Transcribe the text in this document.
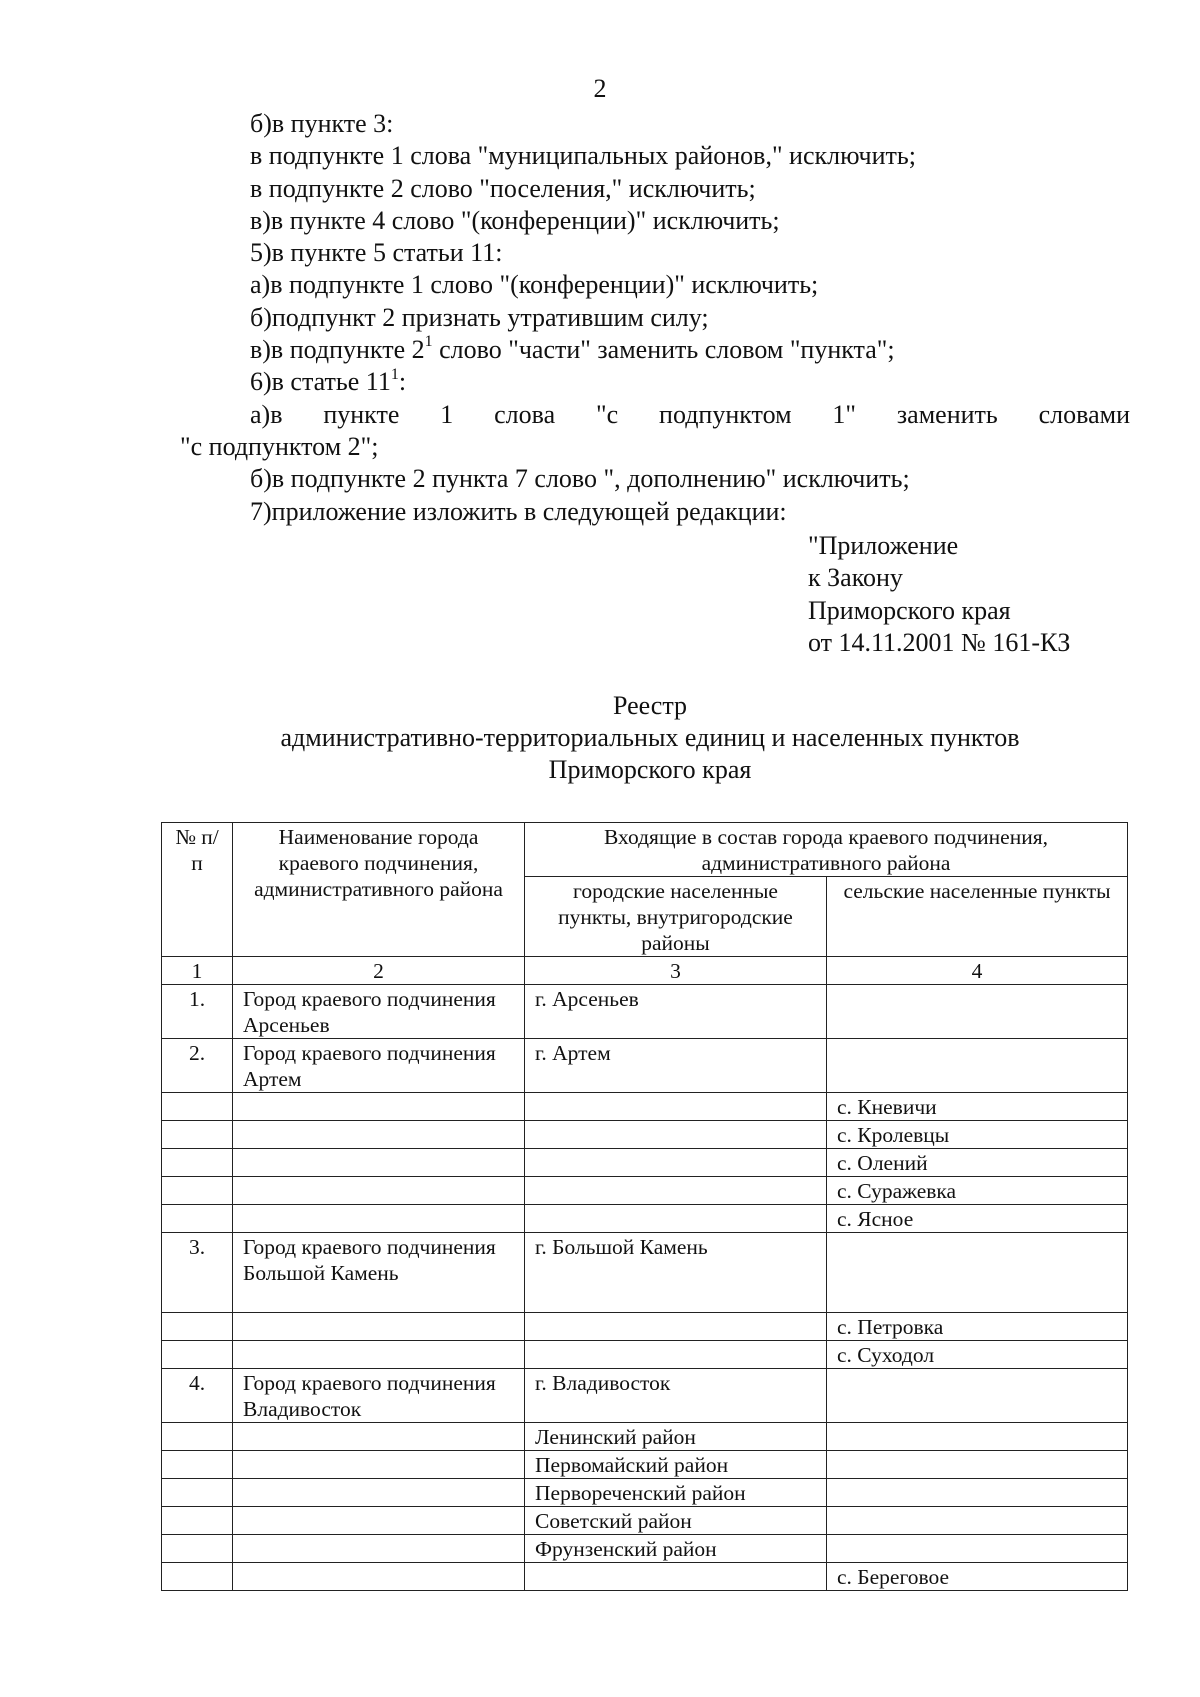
2

б)в пункте 3:

в подпункте 1 слова "муниципальных районов," исключить;

в подпункте 2 слово "поселения," исключить;

в)в пункте 4 слово "(конференции)" исключить;

5)в пункте 5 статьи 11:

а)в подпункте 1 слово "(конференции)" исключить;

б)подпункт 2 признать утратившим силу;

в)в подпункте $2^1$ слово "части" заменить словом "пункта";

6)в статье $11^1$:

а)в пункте 1 слова "с подпунктом 1" заменить словами

"с подпунктом 2";

б)в подпункте 2 пункта 7 слово ", дополнению" исключить;

7)приложение изложить в следующей редакции:

"Приложение
к Закону
Приморского края
от 14.11.2001 № 161-КЗ
Реестр
административно-территориальных единиц и населенных пунктов
Приморского края
№ п/п	Наименование города краевого подчинения, административного района	Входящие в состав города краевого подчинения, административного района	
		городские населенные пункты, внутригородские районы	сельские населенные пункты
1	2	3	4
1.	Город краевого подчинения Арсеньев	г. Арсеньев	
2.	Город краевого подчинения Артем	г. Артем	
			с. Кневичи
			с. Кролевцы
			с. Олений
			с. Суражевка
			с. Ясное
3.	Город краевого подчинения Большой Камень	г. Большой Камень	
			с. Петровка
			с. Суходол
4.	Город краевого подчинения Владивосток	г. Владивосток	
		Ленинский район	
		Первомайский район	
		Первореченский район	
		Советский район	
		Фрунзенский район	
			с. Береговое
